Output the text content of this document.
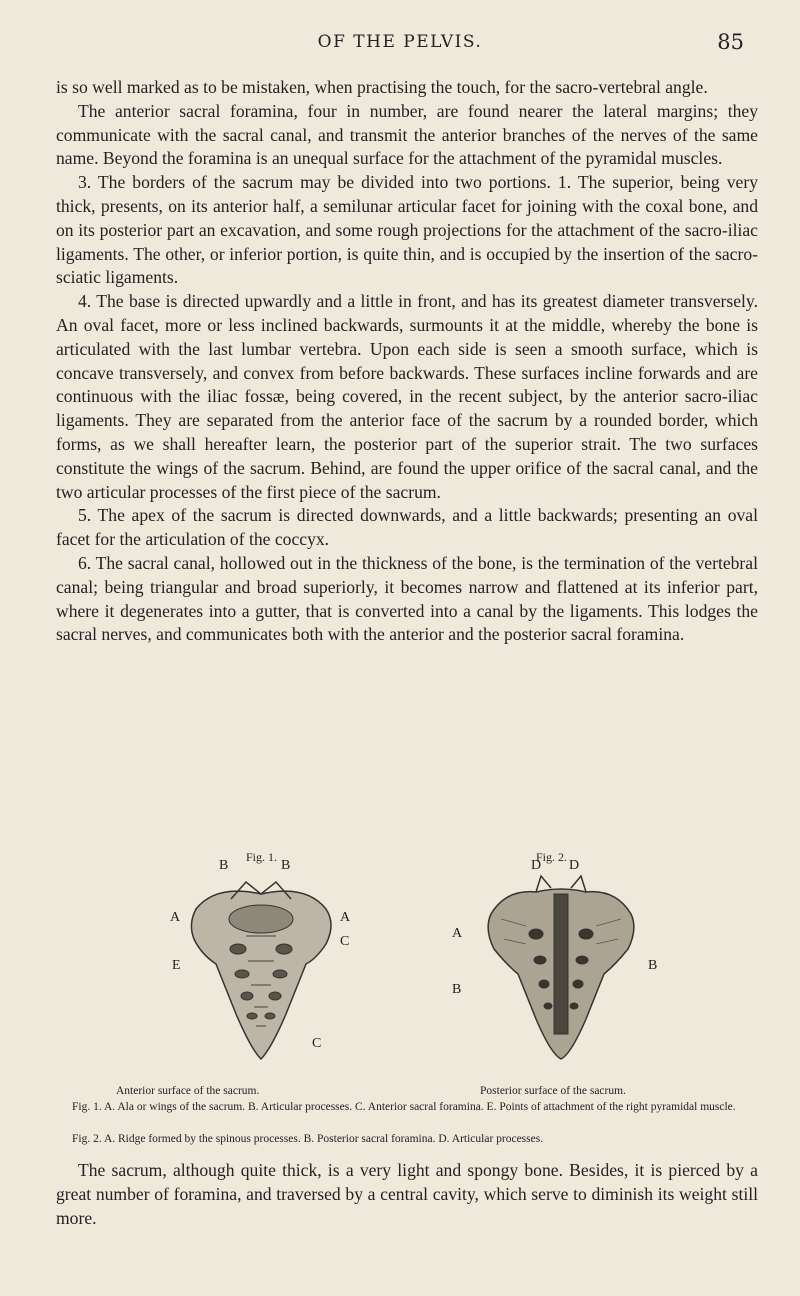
OF THE PELVIS.	85

is so well marked as to be mistaken, when practising the touch, for the sacro-vertebral angle.

The anterior sacral foramina, four in number, are found nearer the lateral margins; they communicate with the sacral canal, and transmit the anterior branches of the nerves of the same name. Beyond the foramina is an unequal surface for the attachment of the pyramidal muscles.

3. The borders of the sacrum may be divided into two portions. 1. The superior, being very thick, presents, on its anterior half, a semilunar articular facet for joining with the coxal bone, and on its posterior part an excavation, and some rough projections for the attachment of the sacro-iliac ligaments. The other, or inferior portion, is quite thin, and is occupied by the insertion of the sacro-sciatic ligaments.

4. The base is directed upwardly and a little in front, and has its greatest diameter transversely. An oval facet, more or less inclined backwards, surmounts it at the middle, whereby the bone is articulated with the last lumbar vertebra. Upon each side is seen a smooth surface, which is concave transversely, and convex from before backwards. These surfaces incline forwards and are continuous with the iliac fossæ, being covered, in the recent subject, by the anterior sacro-iliac ligaments. They are separated from the anterior face of the sacrum by a rounded border, which forms, as we shall hereafter learn, the posterior part of the superior strait. The two surfaces constitute the wings of the sacrum. Behind, are found the upper orifice of the sacral canal, and the two articular processes of the first piece of the sacrum.

5. The apex of the sacrum is directed downwards, and a little backwards; presenting an oval facet for the articulation of the coccyx.

6. The sacral canal, hollowed out in the thickness of the bone, is the termination of the vertebral canal; being triangular and broad superiorly, it becomes narrow and flattened at its inferior part, where it degenerates into a gutter, that is converted into a canal by the ligaments. This lodges the sacral nerves, and communicates both with the anterior and the posterior sacral foramina.

Fig. 1.
B	B
A	A
C
E
C
Fig. 2.
D D
A
B
B
Anterior surface of the sacrum.	Posterior surface of the sacrum.
Fig. 1. A. Ala or wings of the sacrum. B. Articular processes. C. Anterior sacral foramina. E. Points of attachment of the right pyramidal muscle.
Fig. 2. A. Ridge formed by the spinous processes. B. Posterior sacral foramina. D. Articular processes.
The sacrum, although quite thick, is a very light and spongy bone. Besides, it is pierced by a great number of foramina, and traversed by a central cavity, which serve to diminish its weight still more.
